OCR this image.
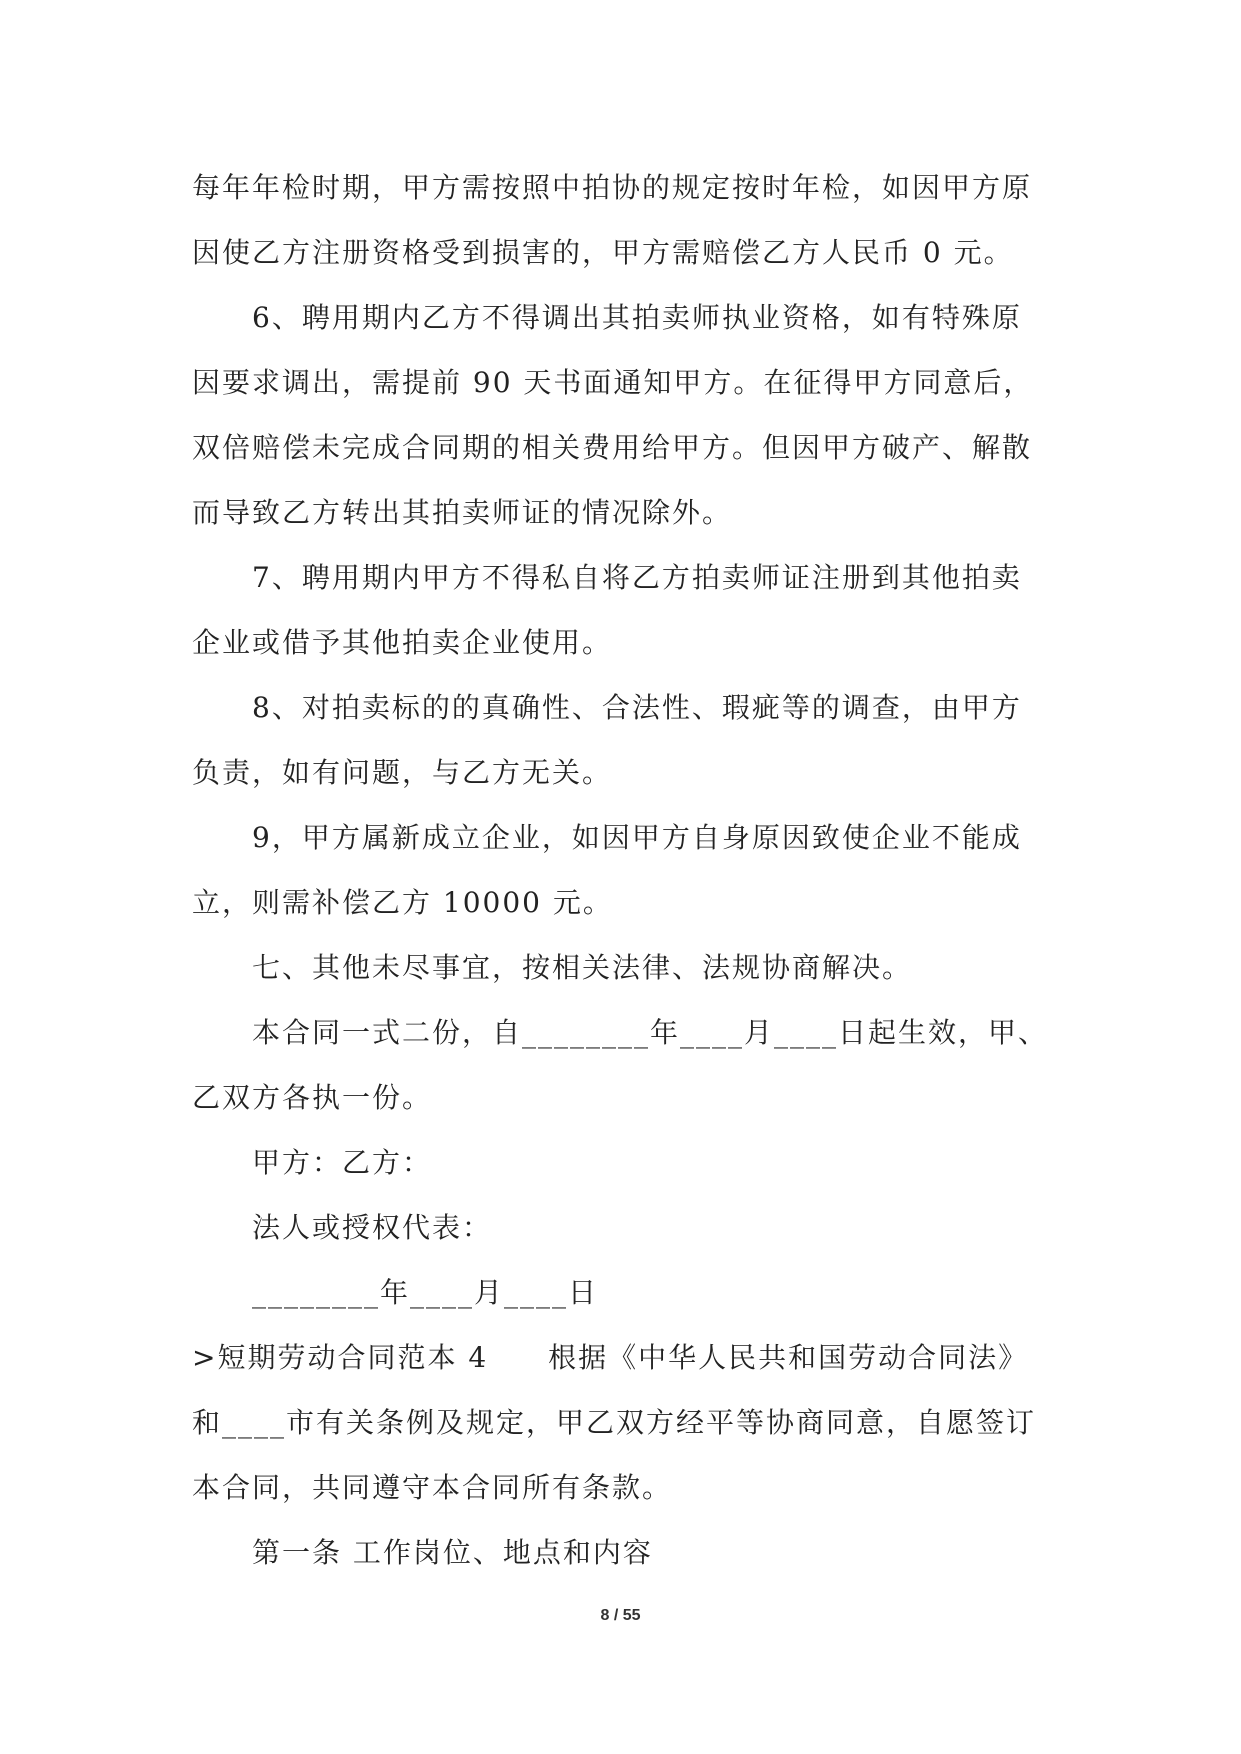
每年年检时期，甲方需按照中拍协的规定按时年检，如因甲方原
因使乙方注册资格受到损害的，甲方需赔偿乙方人民币 0 元。
6、聘用期内乙方不得调出其拍卖师执业资格，如有特殊原
因要求调出，需提前 90 天书面通知甲方。在征得甲方同意后，
双倍赔偿未完成合同期的相关费用给甲方。但因甲方破产、解散
而导致乙方转出其拍卖师证的情况除外。
7、聘用期内甲方不得私自将乙方拍卖师证注册到其他拍卖
企业或借予其他拍卖企业使用。
8、对拍卖标的的真确性、合法性、瑕疵等的调查，由甲方
负责，如有问题，与乙方无关。
9，甲方属新成立企业，如因甲方自身原因致使企业不能成
立，则需补偿乙方 10000 元。
七、其他未尽事宜，按相关法律、法规协商解决。
本合同一式二份，自________年____月____日起生效，甲、
乙双方各执一份。
甲方：乙方：
法人或授权代表：
________年____月____日
>短期劳动合同范本 4　　根据《中华人民共和国劳动合同法》
和____市有关条例及规定，甲乙双方经平等协商同意，自愿签订
本合同，共同遵守本合同所有条款。
第一条 工作岗位、地点和内容
8 / 55
